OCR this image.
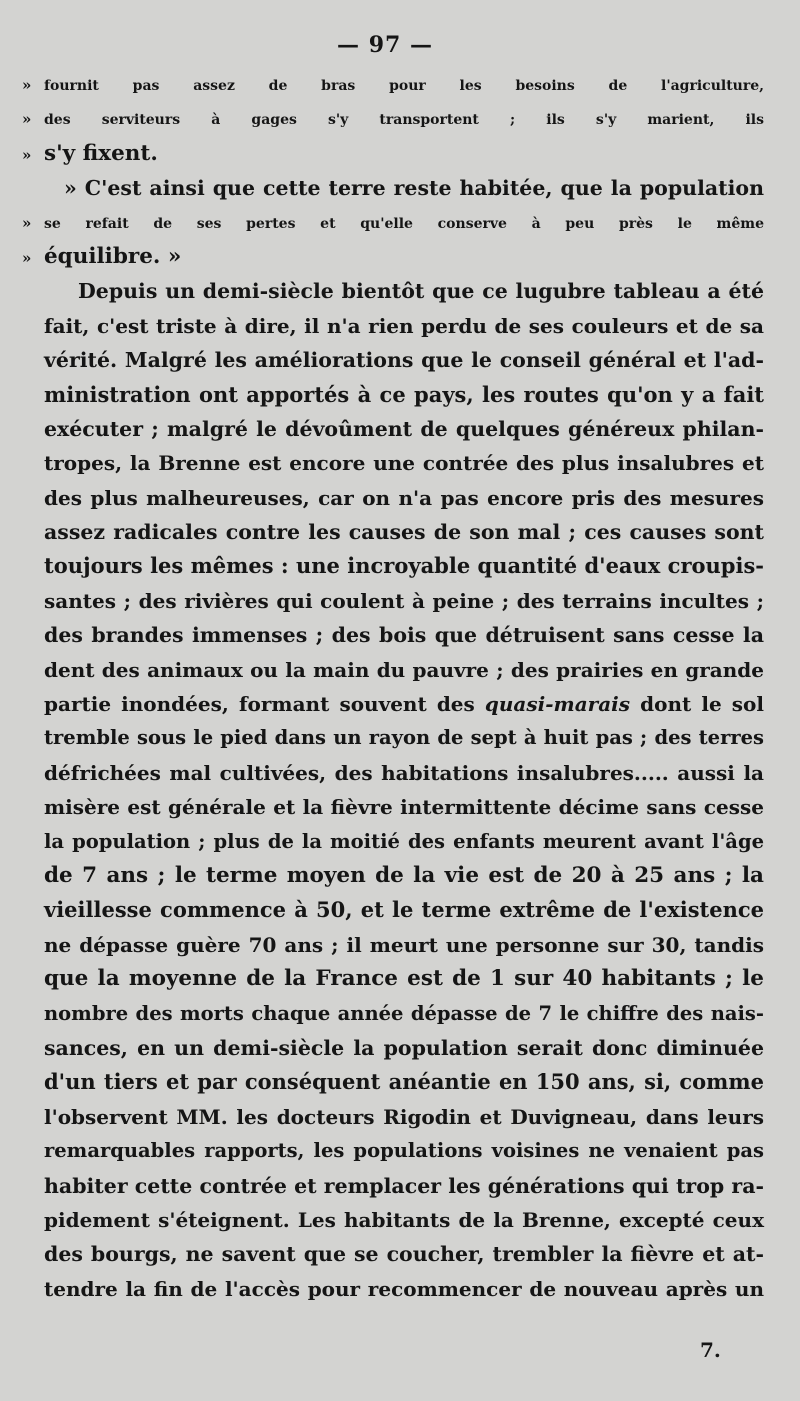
— 97 —
» fournit pas assez de bras pour les besoins de l'agriculture,
» des serviteurs à gages s'y transportent ; ils s'y marient, ils
» s'y fixent.
» C'est ainsi que cette terre reste habitée, que la population
» se refait de ses pertes et qu'elle conserve à peu près le même
» équilibre. »
Depuis un demi-siècle bientôt que ce lugubre tableau a été
fait, c'est triste à dire, il n'a rien perdu de ses couleurs et de sa
vérité. Malgré les améliorations que le conseil général et l'ad-
ministration ont apportés à ce pays, les routes qu'on y a fait
exécuter ; malgré le dévoûment de quelques généreux philan-
tropes, la Brenne est encore une contrée des plus insalubres et
des plus malheureuses, car on n'a pas encore pris des mesures
assez radicales contre les causes de son mal ; ces causes sont
toujours les mêmes : une incroyable quantité d'eaux croupis-
santes ; des rivières qui coulent à peine ; des terrains incultes ;
des brandes immenses ; des bois que détruisent sans cesse la
dent des animaux ou la main du pauvre ; des prairies en grande
partie inondées, formant souvent des quasi-marais dont le sol
tremble sous le pied dans un rayon de sept à huit pas ; des terres
défrichées mal cultivées, des habitations insalubres..... aussi la
misère est générale et la fièvre intermittente décime sans cesse
la population ; plus de la moitié des enfants meurent avant l'âge
de 7 ans ; le terme moyen de la vie est de 20 à 25 ans ; la
vieillesse commence à 50, et le terme extrême de l'existence
ne dépasse guère 70 ans ; il meurt une personne sur 30, tandis
que la moyenne de la France est de 1 sur 40 habitants ; le
nombre des morts chaque année dépasse de 7 le chiffre des nais-
sances, en un demi-siècle la population serait donc diminuée
d'un tiers et par conséquent anéantie en 150 ans, si, comme
l'observent MM. les docteurs Rigodin et Duvigneau, dans leurs
remarquables rapports, les populations voisines ne venaient pas
habiter cette contrée et remplacer les générations qui trop ra-
pidement s'éteignent. Les habitants de la Brenne, excepté ceux
des bourgs, ne savent que se coucher, trembler la fièvre et at-
tendre la fin de l'accès pour recommencer de nouveau après un
7.
